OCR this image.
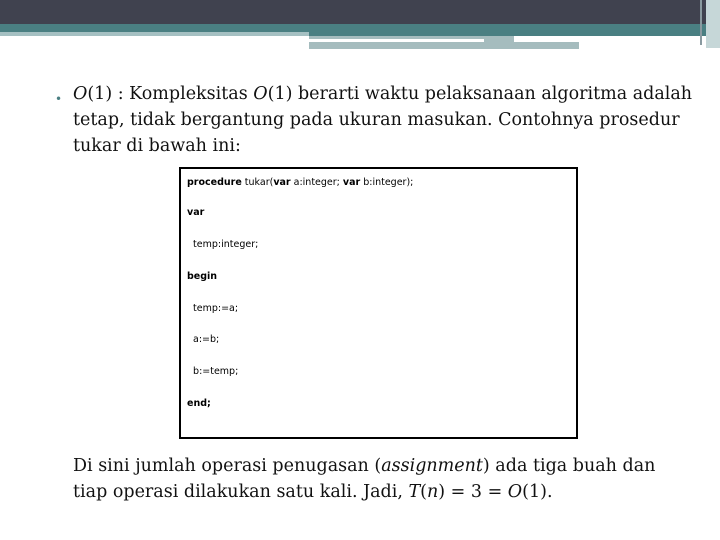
• O(1) : Kompleksitas O(1) berarti waktu pelaksanaan algoritma adalah tetap, tidak bergantung pada ukuran masukan. Contohnya prosedur tukar di bawah ini:
procedure tukar(var a:integer; var b:integer);
var
temp:integer;
begin
temp:=a;
a:=b;
b:=temp;
end;
Di sini jumlah operasi penugasan (assignment) ada tiga buah dan tiap operasi dilakukan satu kali. Jadi, T(n) = 3 = O(1).
